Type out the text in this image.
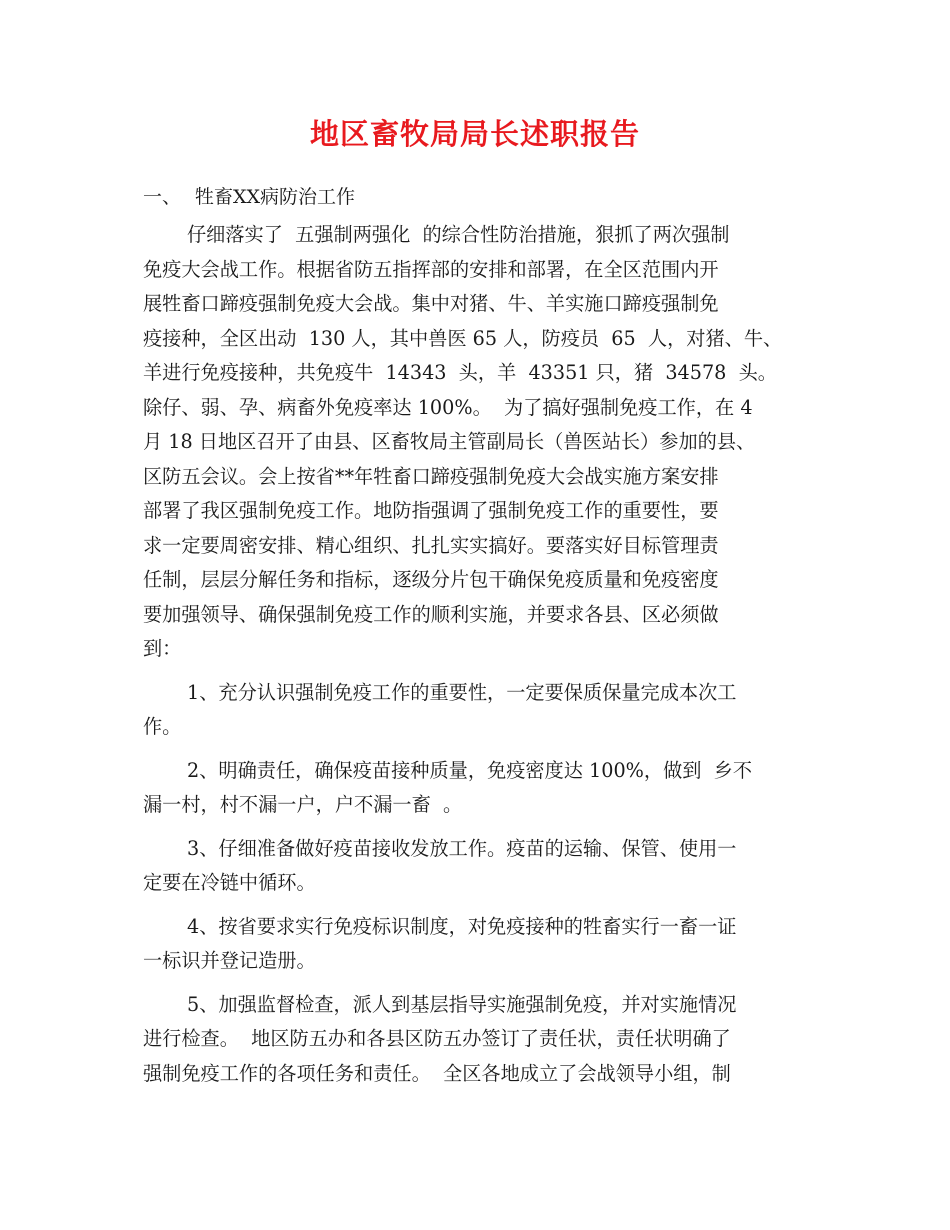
地区畜牧局局长述职报告
一、 牲畜XX病防治工作
仔细落实了  五强制两强化  的综合性防治措施，狠抓了两次强制
免疫大会战工作。根据省防五指挥部的安排和部署，在全区范围内开
展牲畜口蹄疫强制免疫大会战。集中对猪、牛、羊实施口蹄疫强制免
疫接种，全区出动  130 人，其中兽医 65 人，防疫员  65  人，对猪、牛、
羊进行免疫接种，共免疫牛  14343  头，羊  43351 只，猪  34578  头。
除仔、弱、孕、病畜外免疫率达 100%。  为了搞好强制免疫工作，在 4
月 18 日地区召开了由县、区畜牧局主管副局长（兽医站长）参加的县、
区防五会议。会上按省**年牲畜口蹄疫强制免疫大会战实施方案安排
部署了我区强制免疫工作。地防指强调了强制免疫工作的重要性，要
求一定要周密安排、精心组织、扎扎实实搞好。要落实好目标管理责
任制，层层分解任务和指标，逐级分片包干确保免疫质量和免疫密度
要加强领导、确保强制免疫工作的顺利实施，并要求各县、区必须做
到：
1、充分认识强制免疫工作的重要性，一定要保质保量完成本次工
作。
2、明确责任，确保疫苗接种质量，免疫密度达 100%，做到  乡不
漏一村，村不漏一户，户不漏一畜  。
3、仔细准备做好疫苗接收发放工作。疫苗的运输、保管、使用一
定要在冷链中循环。
4、按省要求实行免疫标识制度，对免疫接种的牲畜实行一畜一证
一标识并登记造册。
5、加强监督检查，派人到基层指导实施强制免疫，并对实施情况
进行检查。  地区防五办和各县区防五办签订了责任状，责任状明确了
强制免疫工作的各项任务和责任。  全区各地成立了会战领导小组，制
